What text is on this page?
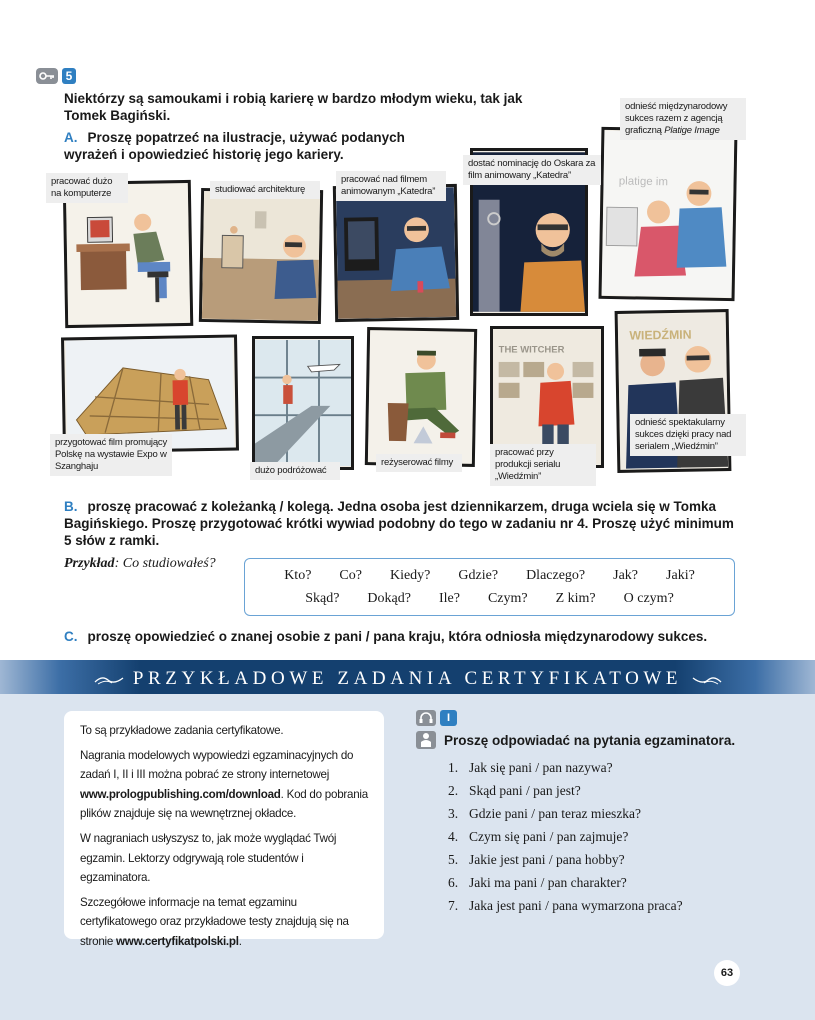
5
Niektórzy są samoukami i robią karierę w bardzo młodym wieku, tak jak Tomek Bagiński.
A. Proszę popatrzeć na ilustracje, używać podanych wyrażeń i opowiedzieć historię jego kariery.
pracować dużo na komputerze	studiować architekturę
pracować nad filmem animowanym „Katedra”
dostać nominację do Oskara za film animowany „Katedra”	platige im
odnieść międzynarodowy sukces razem z agencją graficzną Platige Image
przygotować film promujący Polskę na wystawie Expo w Szanghaju	dużo podróżować
reżyserować filmy
THE WITCHER
pracować przy produkcji serialu „Wiedźmin”
WIEDŹMIN
odnieść spektakularny sukces dzięki pracy nad serialem „Wiedźmin”
B. proszę pracować z koleżanką / kolegą. Jedna osoba jest dziennikarzem, druga wciela się w Tomka Bagińskiego. Proszę przygotować krótki wywiad podobny do tego w zadaniu nr 4. Proszę użyć minimum 5 słów z ramki.
Przykład: Co studiowałeś?
Kto? Co? Kiedy? Gdzie? Dlaczego? Jak? Jaki?
Skąd? Dokąd? Ile? Czym? Z kim? O czym?
C. proszę opowiedzieć o znanej osobie z pani / pana kraju, która odniosła międzynarodowy sukces.
PRZYKŁADOWE ZADANIA CERTYFIKATOWE

To są przykładowe zadania certyfikatowe.

Nagrania modelowych wypowiedzi egzaminacyjnych do zadań I, II i III można pobrać ze strony internetowej www.prologpublishing.com/download. Kod do pobrania plików znajduje się na wewnętrznej okładce.

W nagraniach usłyszysz to, jak może wyglądać Twój egzamin. Lektorzy odgrywają role studentów i egzaminatora.

Szczegółowe informacje na temat egzaminu certyfikatowego oraz przykładowe testy znajdują się na stronie www.certyfikatpolski.pl.

I
Proszę odpowiadać na pytania egzaminatora.
1. Jak się pani / pan nazywa?
2. Skąd pani / pan jest?
3. Gdzie pani / pan teraz mieszka?
4. Czym się pani / pan zajmuje?
5. Jakie jest pani / pana hobby?
6. Jaki ma pani / pan charakter?
7. Jaka jest pani / pana wymarzona praca?
63
